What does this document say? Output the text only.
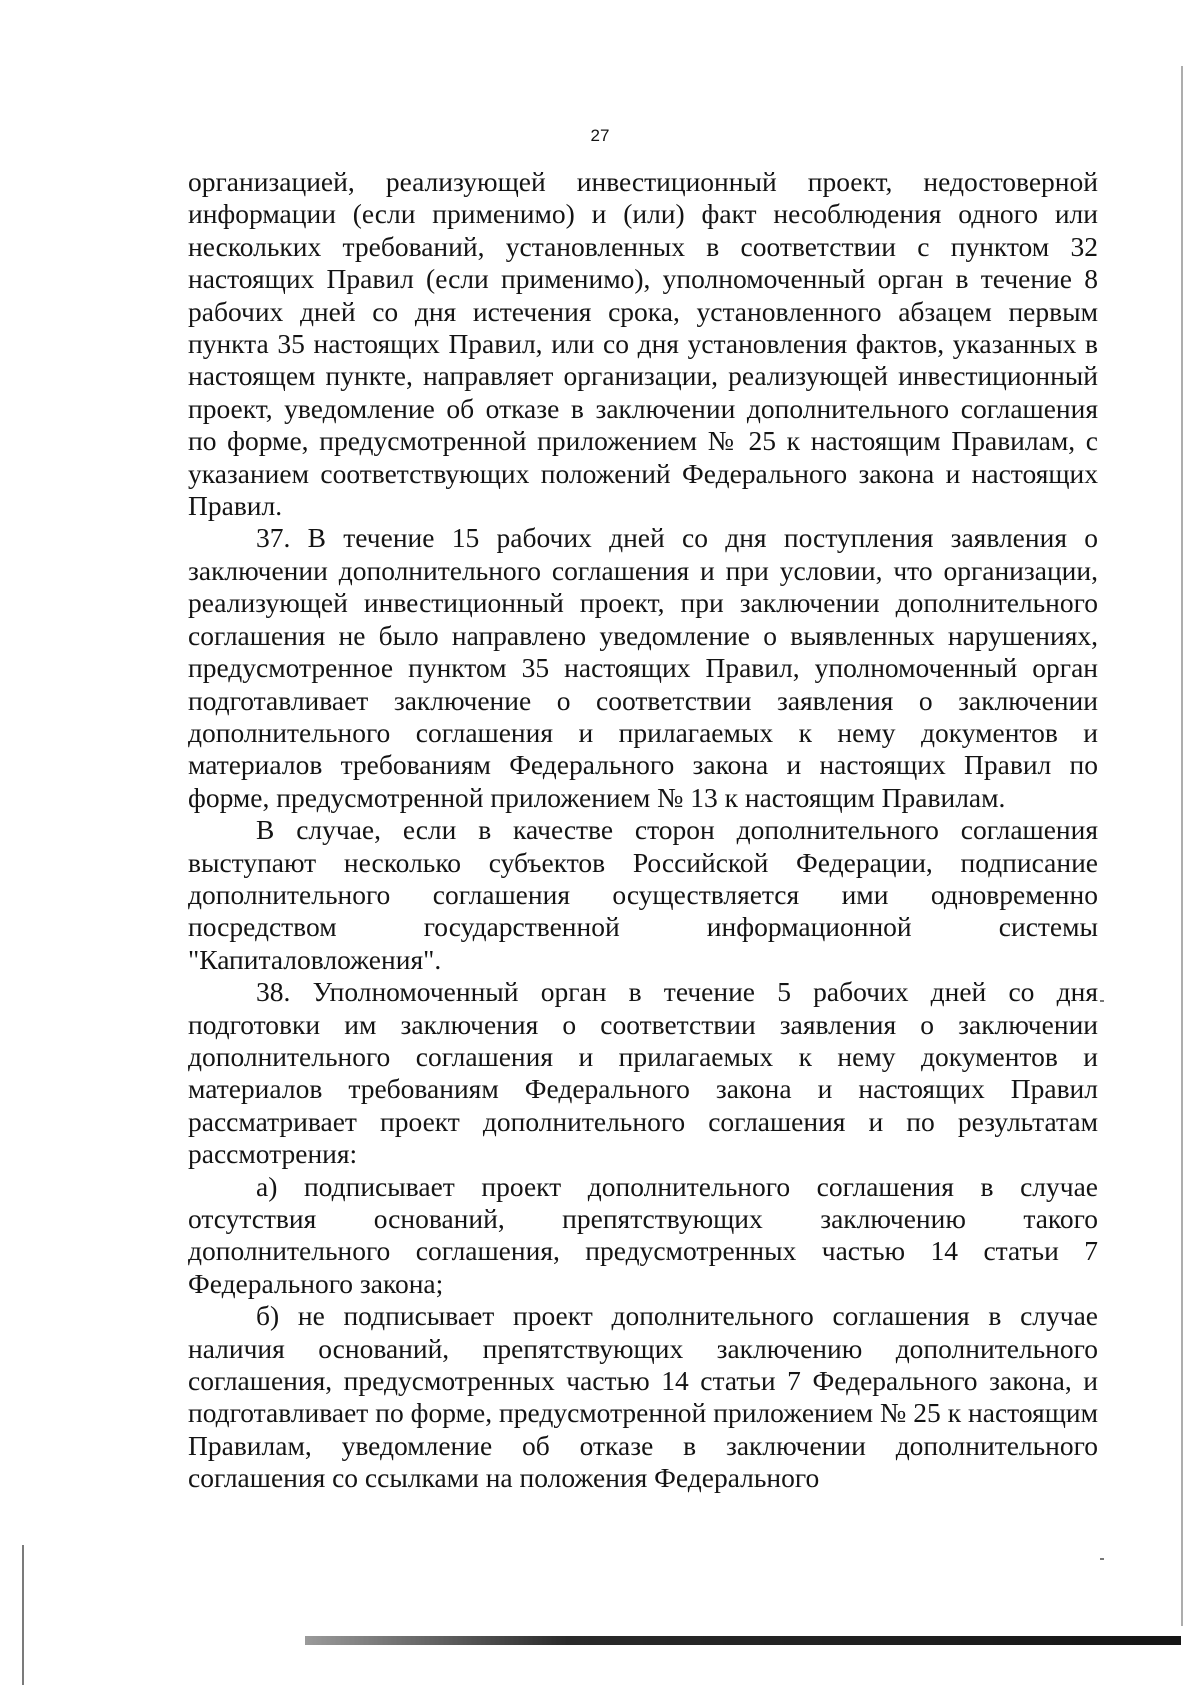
27

организацией, реализующей инвестиционный проект, недостоверной информации (если применимо) и (или) факт несоблюдения одного или нескольких требований, установленных в соответствии с пунктом 32 настоящих Правил (если применимо), уполномоченный орган в течение 8 рабочих дней со дня истечения срока, установленного абзацем первым пункта 35 настоящих Правил, или со дня установления фактов, указанных в настоящем пункте, направляет организации, реализующей инвестиционный проект, уведомление об отказе в заключении дополнительного соглашения по форме, предусмотренной приложением № 25 к настоящим Правилам, с указанием соответствующих положений Федерального закона и настоящих Правил.

37. В течение 15 рабочих дней со дня поступления заявления о заключении дополнительного соглашения и при условии, что организации, реализующей инвестиционный проект, при заключении дополнительного соглашения не было направлено уведомление о выявленных нарушениях, предусмотренное пунктом 35 настоящих Правил, уполномоченный орган подготавливает заключение о соответствии заявления о заключении дополнительного соглашения и прилагаемых к нему документов и материалов требованиям Федерального закона и настоящих Правил по форме, предусмотренной приложением № 13 к настоящим Правилам.

В случае, если в качестве сторон дополнительного соглашения выступают несколько субъектов Российской Федерации, подписание дополнительного соглашения осуществляется ими одновременно посредством государственной информационной системы "Капиталовложения".

38. Уполномоченный орган в течение 5 рабочих дней со дня подготовки им заключения о соответствии заявления о заключении дополнительного соглашения и прилагаемых к нему документов и материалов требованиям Федерального закона и настоящих Правил рассматривает проект дополнительного соглашения и по результатам рассмотрения:

а) подписывает проект дополнительного соглашения в случае отсутствия оснований, препятствующих заключению такого дополнительного соглашения, предусмотренных частью 14 статьи 7 Федерального закона;

б) не подписывает проект дополнительного соглашения в случае наличия оснований, препятствующих заключению дополнительного соглашения, предусмотренных частью 14 статьи 7 Федерального закона, и подготавливает по форме, предусмотренной приложением № 25 к настоящим Правилам, уведомление об отказе в заключении дополнительного соглашения со ссылками на положения Федерального
